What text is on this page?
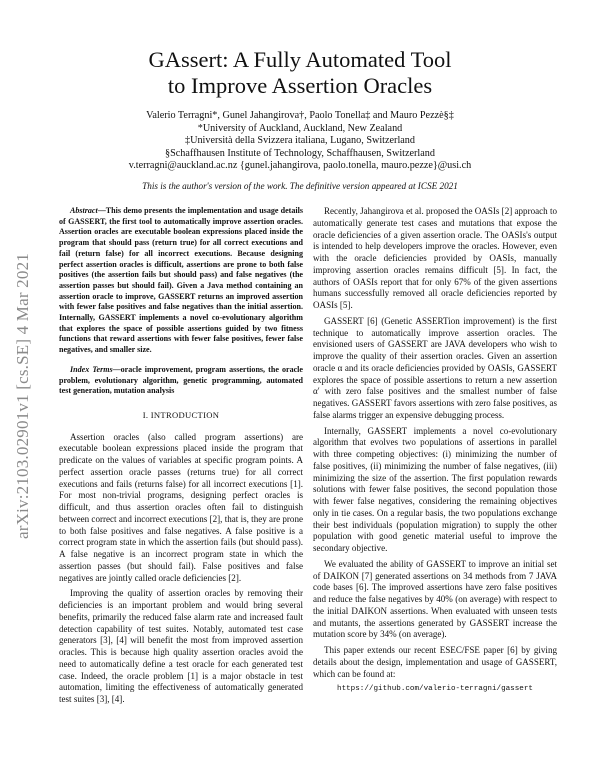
GAssert: A Fully Automated Tool
to Improve Assertion Oracles
Valerio Terragni*, Gunel Jahangirova†, Paolo Tonella‡ and Mauro Pezzè§‡
*University of Auckland, Auckland, New Zealand
‡Università della Svizzera italiana, Lugano, Switzerland
§Schaffhausen Institute of Technology, Schaffhausen, Switzerland
v.terragni@auckland.ac.nz {gunel.jahangirova, paolo.tonella, mauro.pezze}@usi.ch
This is the author's version of the work. The definitive version appeared at ICSE 2021
arXiv:2103.02901v1 [cs.SE] 4 Mar 2021

Abstract—This demo presents the implementation and usage details of GASSERT, the first tool to automatically improve assertion oracles. Assertion oracles are executable boolean expressions placed inside the program that should pass (return true) for all correct executions and fail (return false) for all incorrect executions. Because designing perfect assertion oracles is difficult, assertions are prone to both false positives (the assertion fails but should pass) and false negatives (the assertion passes but should fail). Given a Java method containing an assertion oracle to improve, GASSERT returns an improved assertion with fewer false positives and false negatives than the initial assertion. Internally, GASSERT implements a novel co-evolutionary algorithm that explores the space of possible assertions guided by two fitness functions that reward assertions with fewer false positives, fewer false negatives, and smaller size.

Index Terms—oracle improvement, program assertions, the oracle problem, evolutionary algorithm, genetic programming, automated test generation, mutation analysis

I. INTRODUCTION

Assertion oracles (also called program assertions) are executable boolean expressions placed inside the program that predicate on the values of variables at specific program points. A perfect assertion oracle passes (returns true) for all correct executions and fails (returns false) for all incorrect executions [1]. For most non-trivial programs, designing perfect oracles is difficult, and thus assertion oracles often fail to distinguish between correct and incorrect executions [2], that is, they are prone to both false positives and false negatives. A false positive is a correct program state in which the assertion fails (but should pass). A false negative is an incorrect program state in which the assertion passes (but should fail). False positives and false negatives are jointly called oracle deficiencies [2].

Improving the quality of assertion oracles by removing their deficiencies is an important problem and would bring several benefits, primarily the reduced false alarm rate and increased fault detection capability of test suites. Notably, automated test case generators [3], [4] will benefit the most from improved assertion oracles. This is because high quality assertion oracles avoid the need to automatically define a test oracle for each generated test case. Indeed, the oracle problem [1] is a major obstacle in test automation, limiting the effectiveness of automatically generated test suites [3], [4].

Recently, Jahangirova et al. proposed the OASIs [2] approach to automatically generate test cases and mutations that expose the oracle deficiencies of a given assertion oracle. The OASIs's output is intended to help developers improve the oracles. However, even with the oracle deficiencies provided by OASIs, manually improving assertion oracles remains difficult [5]. In fact, the authors of OASIs report that for only 67% of the given assertions humans successfully removed all oracle deficiencies reported by OASIs [5].

GASSERT [6] (Genetic ASSERTion improvement) is the first technique to automatically improve assertion oracles. The envisioned users of GASSERT are JAVA developers who wish to improve the quality of their assertion oracles. Given an assertion oracle α and its oracle deficiencies provided by OASIs, GASSERT explores the space of possible assertions to return a new assertion α′ with zero false positives and the smallest number of false negatives. GASSERT favors assertions with zero false positives, as false alarms trigger an expensive debugging process.

Internally, GASSERT implements a novel co-evolutionary algorithm that evolves two populations of assertions in parallel with three competing objectives: (i) minimizing the number of false positives, (ii) minimizing the number of false negatives, (iii) minimizing the size of the assertion. The first population rewards solutions with fewer false positives, the second population those with fewer false negatives, considering the remaining objectives only in tie cases. On a regular basis, the two populations exchange their best individuals (population migration) to supply the other population with good genetic material useful to improve the secondary objective.

We evaluated the ability of GASSERT to improve an initial set of DAIKON [7] generated assertions on 34 methods from 7 JAVA code bases [6]. The improved assertions have zero false positives and reduce the false negatives by 40% (on average) with respect to the initial DAIKON assertions. When evaluated with unseen tests and mutants, the assertions generated by GASSERT increase the mutation score by 34% (on average).

This paper extends our recent ESEC/FSE paper [6] by giving details about the design, implementation and usage of GASSERT, which can be found at:

https://github.com/valerio-terragni/gassert
